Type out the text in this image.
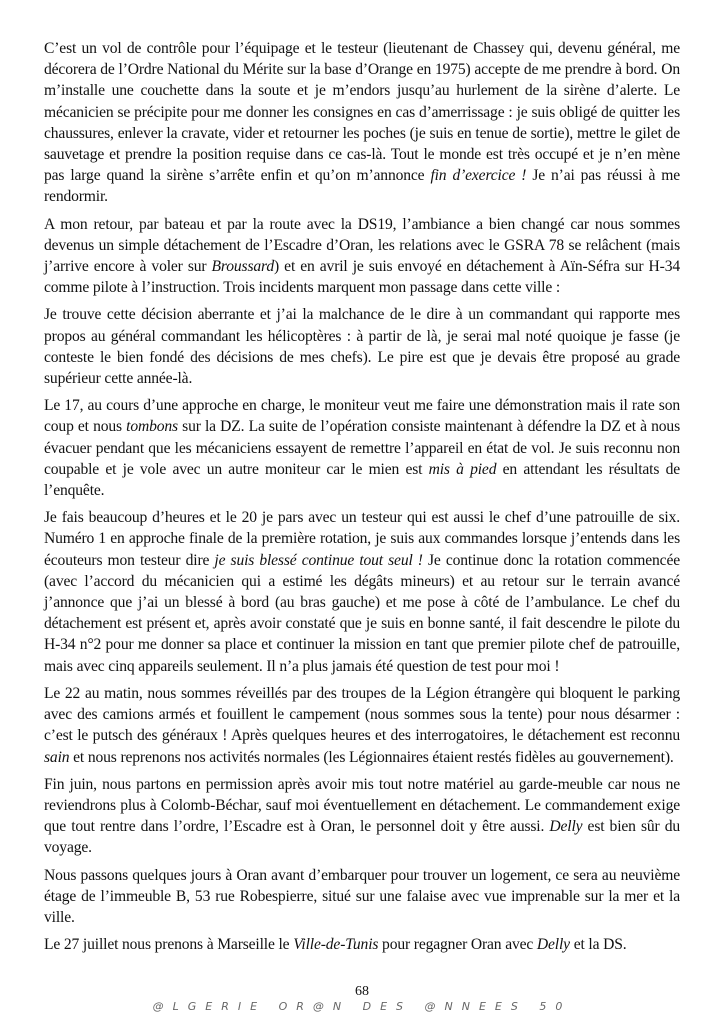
C’est un vol de contrôle pour l’équipage et le testeur (lieutenant de Chassey qui, devenu général, me décorera de l’Ordre National du Mérite sur la base d’Orange en 1975) accepte de me prendre à bord. On m’installe une couchette dans la soute et je m’endors jusqu’au hurlement de la sirène d’alerte. Le mécanicien se précipite pour me donner les consignes en cas d’amerrissage : je suis obligé de quitter les chaussures, enlever la cravate, vider et retourner les poches (je suis en tenue de sortie), mettre le gilet de sauvetage et prendre la position requise dans ce cas-là. Tout le monde est très occupé et je n’en mène pas large quand la sirène s’arrête enfin et qu’on m’annonce fin d’exercice ! Je n’ai pas réussi à me rendormir.

A mon retour, par bateau et par la route avec la DS19, l’ambiance a bien changé car nous sommes devenus un simple détachement de l’Escadre d’Oran, les relations avec le GSRA 78 se relâchent (mais j’arrive encore à voler sur Broussard) et en avril je suis envoyé en détachement à Aïn-Séfra sur H-34 comme pilote à l’instruction. Trois incidents marquent mon passage dans cette ville :

Je trouve cette décision aberrante et j’ai la malchance de le dire à un commandant qui rapporte mes propos au général commandant les hélicoptères : à partir de là, je serai mal noté quoique je fasse (je conteste le bien fondé des décisions de mes chefs). Le pire est que je devais être proposé au grade supérieur cette année-là.

Le 17, au cours d’une approche en charge, le moniteur veut me faire une démonstration mais il rate son coup et nous tombons sur la DZ. La suite de l’opération consiste maintenant à défendre la DZ et à nous évacuer pendant que les mécaniciens essayent de remettre l’appareil en état de vol. Je suis reconnu non coupable et je vole avec un autre moniteur car le mien est mis à pied en attendant les résultats de l’enquête.

Je fais beaucoup d’heures et le 20 je pars avec un testeur qui est aussi le chef d’une patrouille de six. Numéro 1 en approche finale de la première rotation, je suis aux commandes lorsque j’entends dans les écouteurs mon testeur dire je suis blessé continue tout seul ! Je continue donc la rotation commencée (avec l’accord du mécanicien qui a estimé les dégâts mineurs) et au retour sur le terrain avancé j’annonce que j’ai un blessé à bord (au bras gauche) et me pose à côté de l’ambulance. Le chef du détachement est présent et, après avoir constaté que je suis en bonne santé, il fait descendre le pilote du H-34 n°2 pour me donner sa place et continuer la mission en tant que premier pilote chef de patrouille, mais avec cinq appareils seulement. Il n’a plus jamais été question de test pour moi !

Le 22 au matin, nous sommes réveillés par des troupes de la Légion étrangère qui bloquent le parking avec des camions armés et fouillent le campement (nous sommes sous la tente) pour nous désarmer : c’est le putsch des généraux ! Après quelques heures et des interrogatoires, le détachement est reconnu sain et nous reprenons nos activités normales (les Légionnaires étaient restés fidèles au gouvernement).

Fin juin, nous partons en permission après avoir mis tout notre matériel au garde-meuble car nous ne reviendrons plus à Colomb-Béchar, sauf moi éventuellement en détachement. Le commandement exige que tout rentre dans l’ordre, l’Escadre est à Oran, le personnel doit y être aussi. Delly est bien sûr du voyage.

Nous passons quelques jours à Oran avant d’embarquer pour trouver un logement, ce sera au neuvième étage de l’immeuble B, 53 rue Robespierre, situé sur une falaise avec vue imprenable sur la mer et la ville.

Le 27 juillet nous prenons à Marseille le Ville-de-Tunis pour regagner Oran avec Delly et la DS.

68
@LGERIE OR@N DES @NNEES 50
